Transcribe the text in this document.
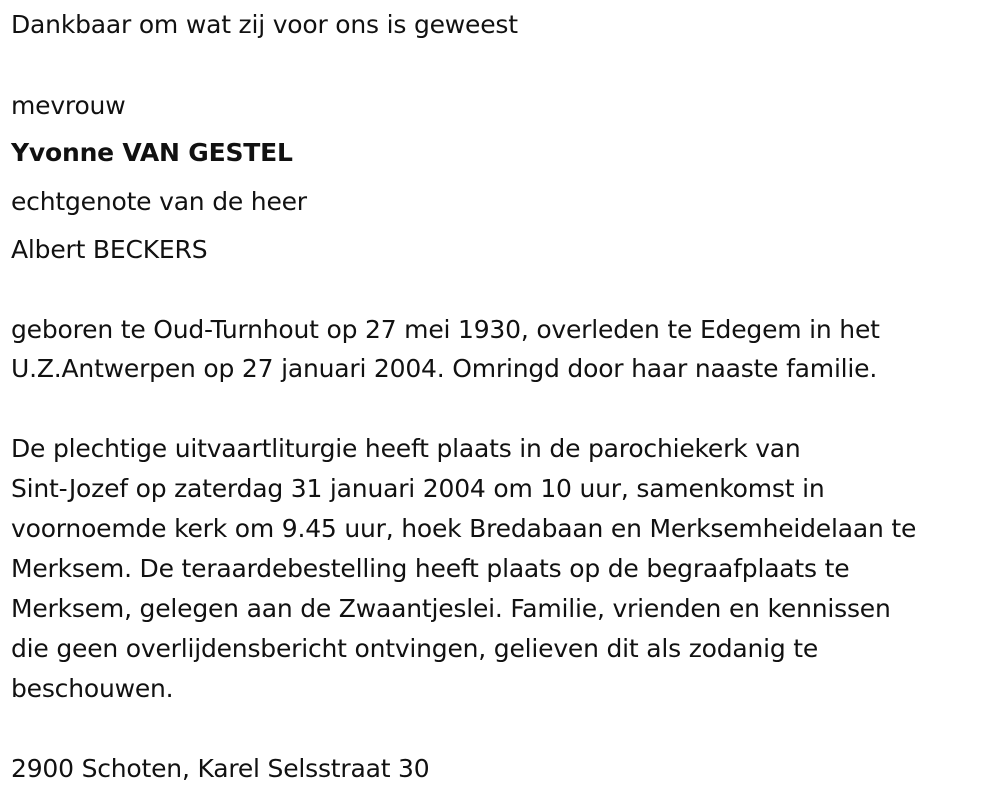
Dankbaar om wat zij voor ons is geweest
mevrouw
Yvonne VAN GESTEL
echtgenote van de heer
Albert BECKERS
geboren te Oud-Turnhout op 27 mei 1930, overleden te Edegem in het
U.Z.Antwerpen op 27 januari 2004. Omringd door haar naaste familie.
De plechtige uitvaartliturgie heeft plaats in de parochiekerk van
Sint-Jozef op zaterdag 31 januari 2004 om 10 uur, samenkomst in
voornoemde kerk om 9.45 uur, hoek Bredabaan en Merksemheidelaan te
Merksem. De teraardebestelling heeft plaats op de begraafplaats te
Merksem, gelegen aan de Zwaantjeslei. Familie, vrienden en kennissen
die geen overlijdensbericht ontvingen, gelieven dit als zodanig te
beschouwen.
2900 Schoten, Karel Selsstraat 30
